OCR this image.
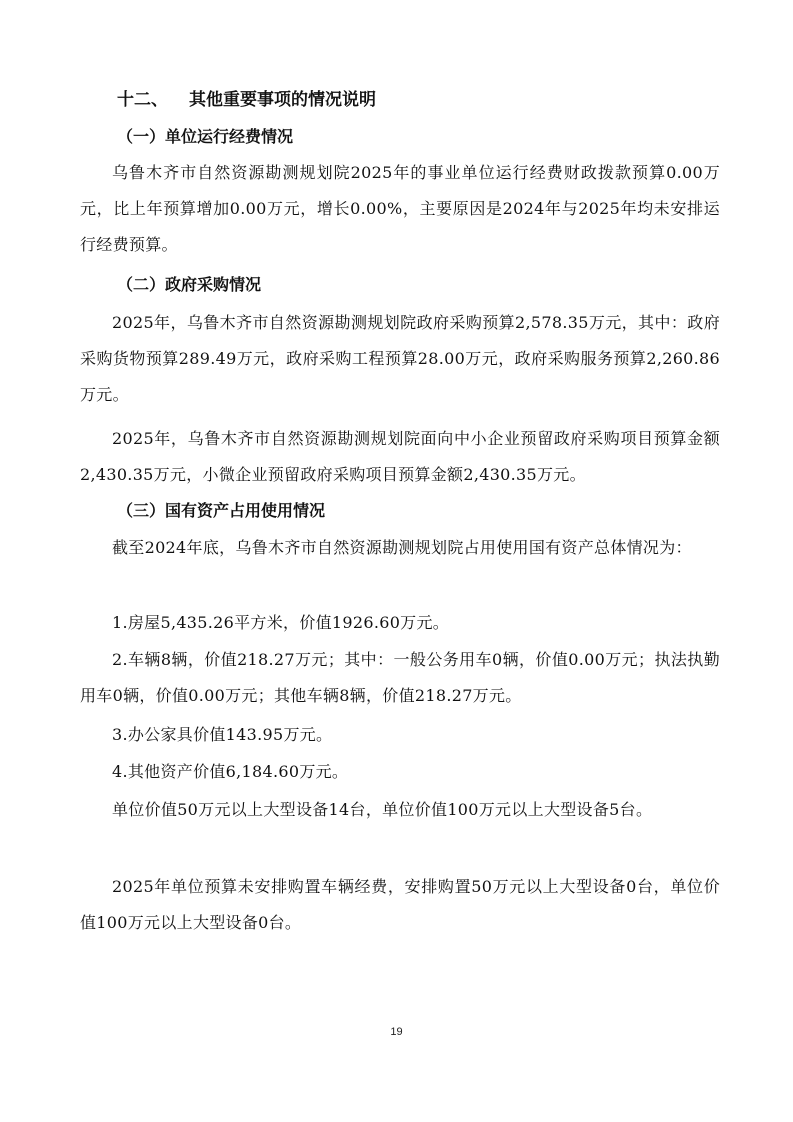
十二、 其他重要事项的情况说明
（一）单位运行经费情况
乌鲁木齐市自然资源勘测规划院2025年的事业单位运行经费财政拨款预算0.00万元，比上年预算增加0.00万元，增长0.00%，主要原因是2024年与2025年均未安排运行经费预算。
（二）政府采购情况
2025年，乌鲁木齐市自然资源勘测规划院政府采购预算2,578.35万元，其中：政府采购货物预算289.49万元，政府采购工程预算28.00万元，政府采购服务预算2,260.86万元。
2025年，乌鲁木齐市自然资源勘测规划院面向中小企业预留政府采购项目预算金额2,430.35万元，小微企业预留政府采购项目预算金额2,430.35万元。
（三）国有资产占用使用情况
截至2024年底，乌鲁木齐市自然资源勘测规划院占用使用国有资产总体情况为：
1.房屋5,435.26平方米，价值1926.60万元。
2.车辆8辆，价值218.27万元；其中：一般公务用车0辆，价值0.00万元；执法执勤用车0辆，价值0.00万元；其他车辆8辆，价值218.27万元。
3.办公家具价值143.95万元。
4.其他资产价值6,184.60万元。
单位价值50万元以上大型设备14台，单位价值100万元以上大型设备5台。
2025年单位预算未安排购置车辆经费，安排购置50万元以上大型设备0台，单位价值100万元以上大型设备0台。
19
